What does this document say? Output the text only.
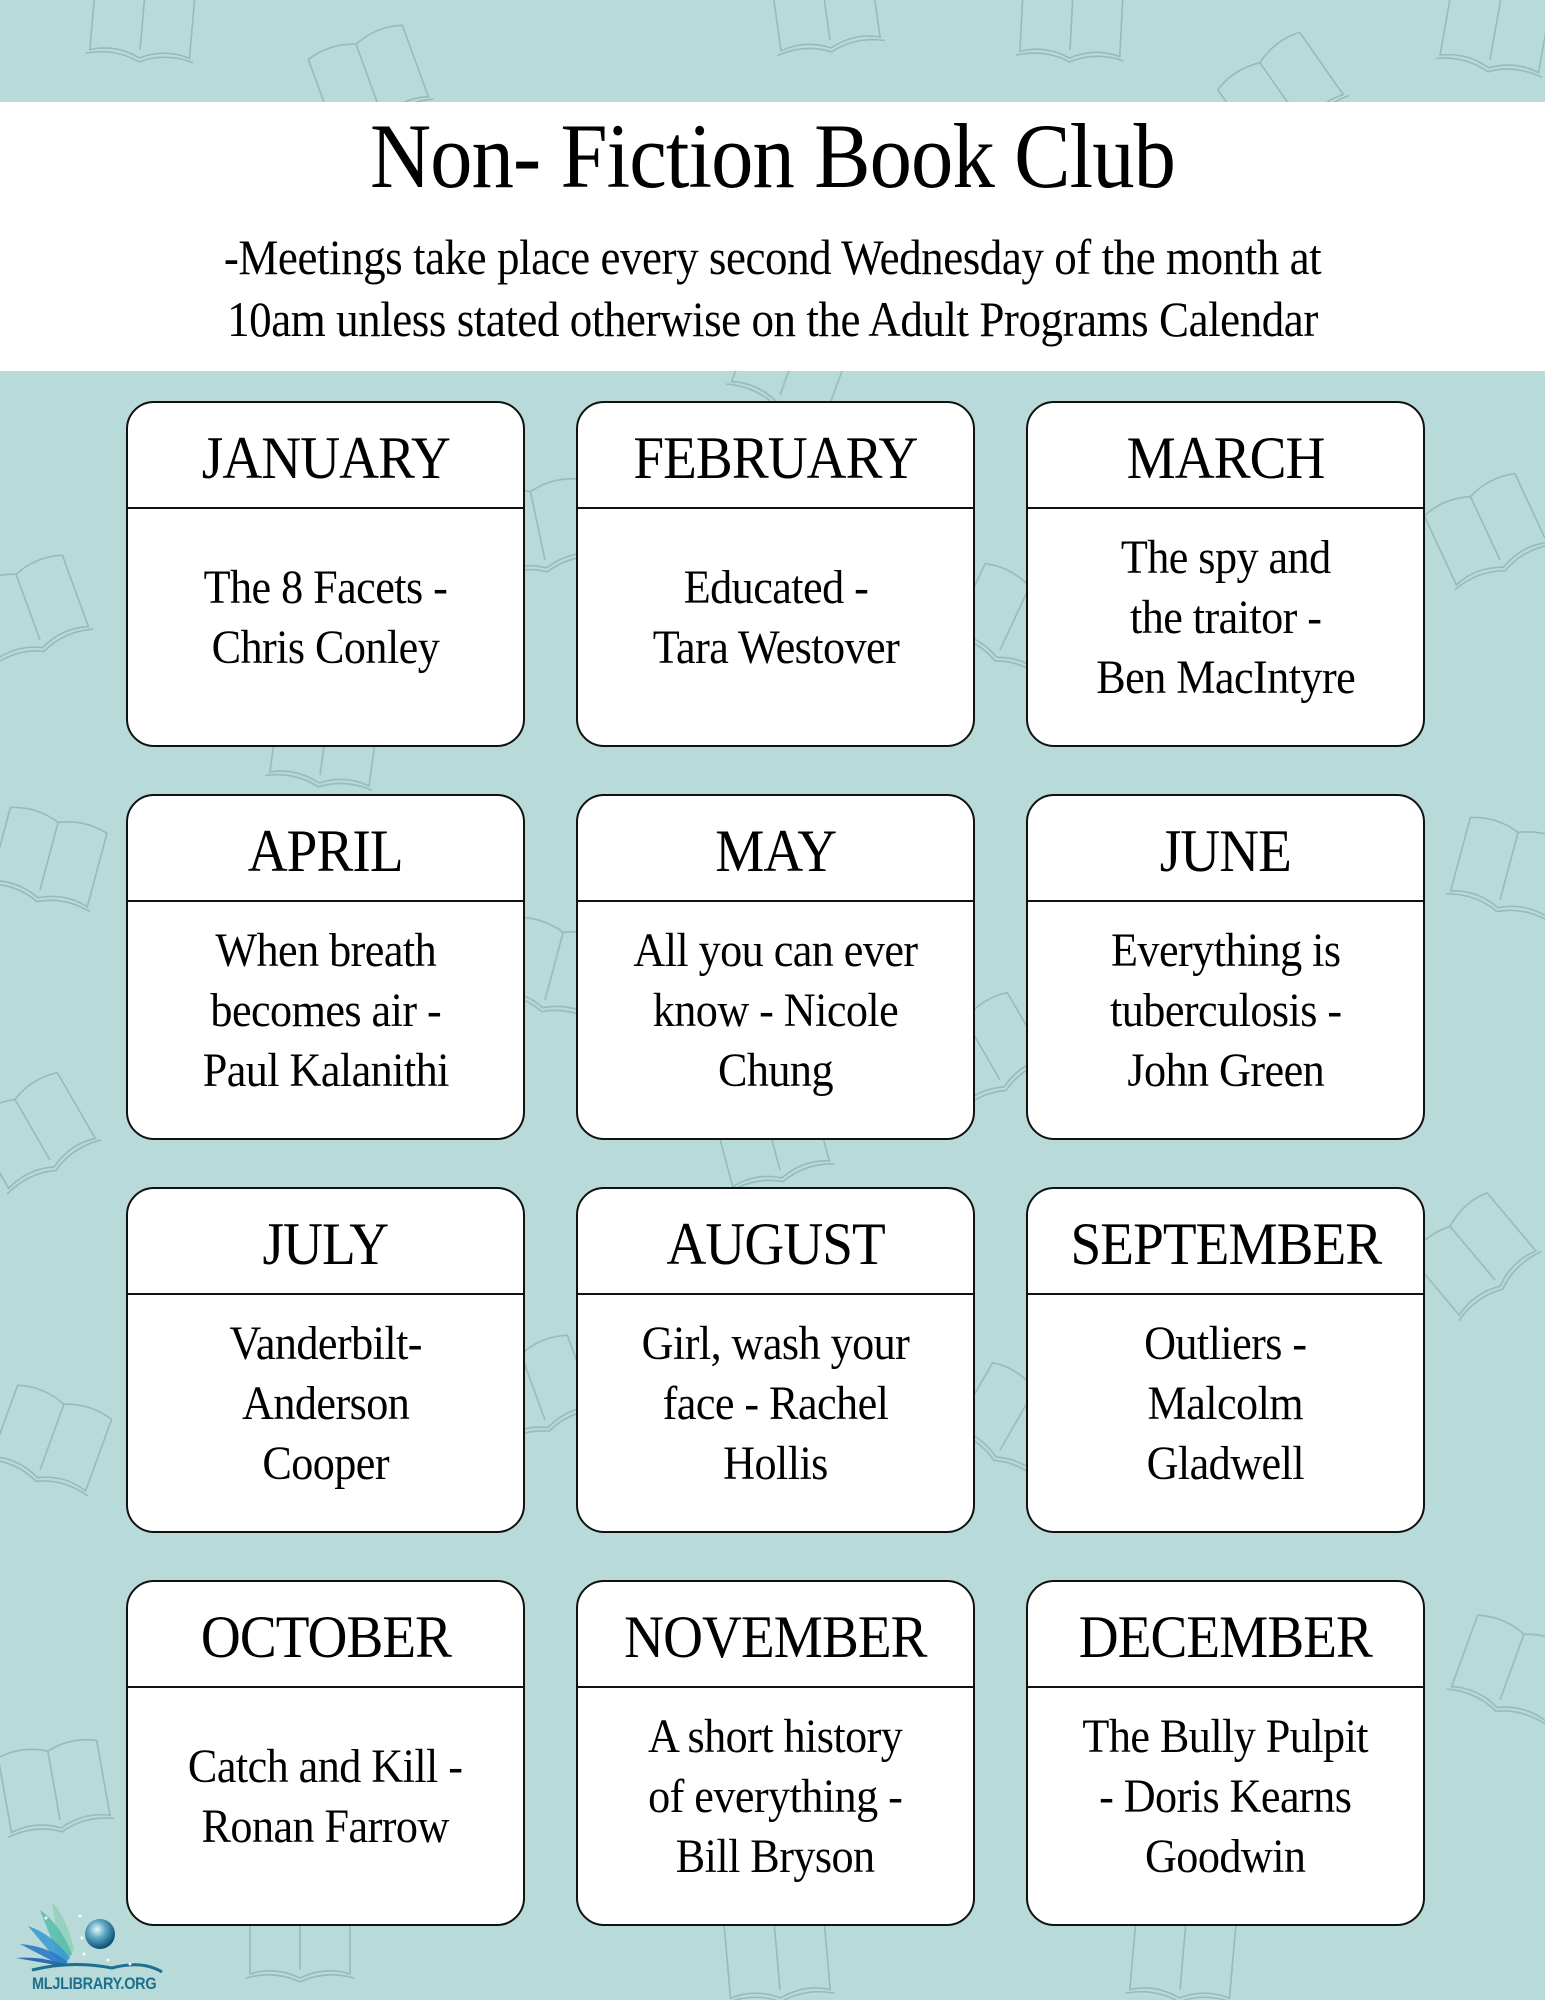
Non- Fiction Book Club
-Meetings take place every second Wednesday of the month at
10am unless stated otherwise on the Adult Programs Calendar
JANUARY
The 8 Facets -
Chris Conley
FEBRUARY
Educated -
Tara Westover
MARCH
The spy and
the traitor -
Ben MacIntyre
APRIL
When breath
becomes air -
Paul Kalanithi
MAY
All you can ever
know - Nicole
Chung
JUNE
Everything is
tuberculosis -
John Green
JULY
Vanderbilt-
Anderson
Cooper
AUGUST
Girl, wash your
face - Rachel
Hollis
SEPTEMBER
Outliers -
Malcolm
Gladwell
OCTOBER
Catch and Kill -
Ronan Farrow
NOVEMBER
A short history
of everything -
Bill Bryson
DECEMBER
The Bully Pulpit
- Doris Kearns
Goodwin
MLJLIBRARY.ORG
